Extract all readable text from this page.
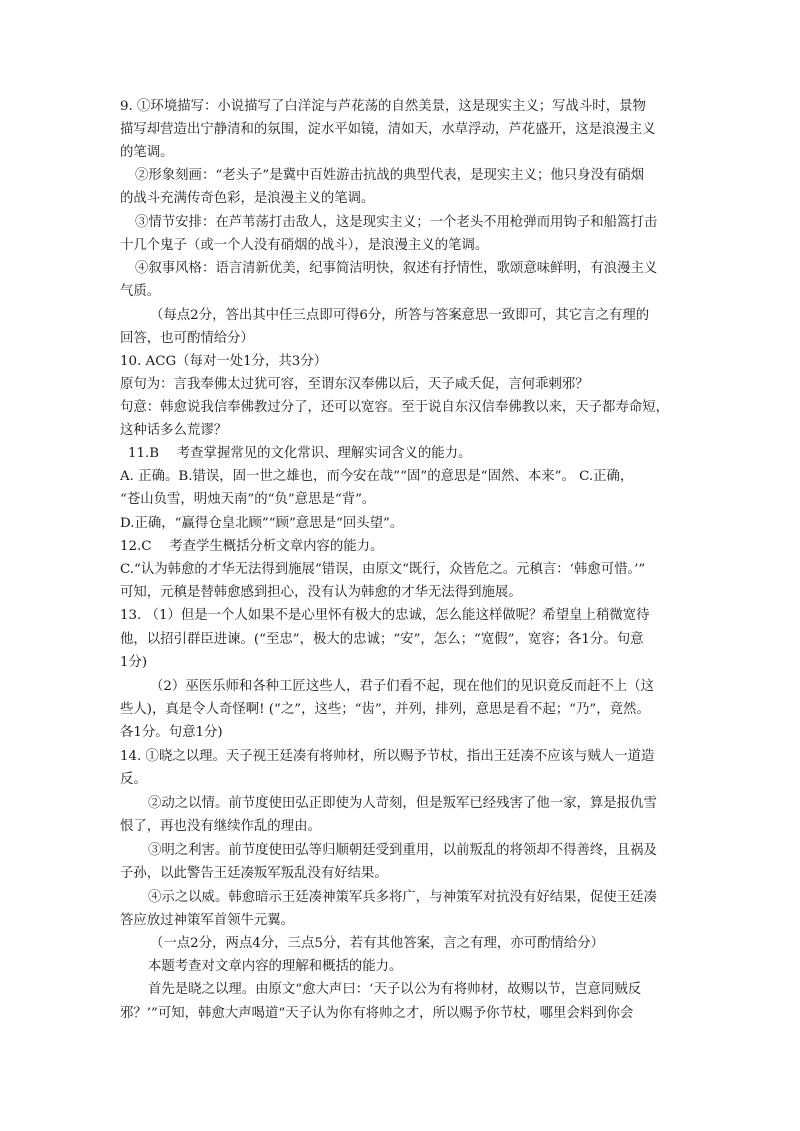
9. ①环境描写：小说描写了白洋淀与芦花荡的自然美景，这是现实主义；写战斗时，景物
描写却营造出宁静清和的氛围，淀水平如镜，清如天，水草浮动，芦花盛开，这是浪漫主义
的笔调。
②形象刻画：“老头子”是冀中百姓游击抗战的典型代表，是现实主义；他只身没有硝烟
的战斗充满传奇色彩，是浪漫主义的笔调。
③情节安排：在芦苇荡打击敌人，这是现实主义；一个老头不用枪弹而用钩子和船篙打击
十几个鬼子（或一个人没有硝烟的战斗），是浪漫主义的笔调。
④叙事风格：语言清新优美，纪事简洁明快，叙述有抒情性，歌颂意味鲜明，有浪漫主义
气质。
（每点2分，答出其中任三点即可得6分，所答与答案意思一致即可，其它言之有理的
回答，也可酌情给分）
10. ACG（每对一处1分，共3分）
原句为：言我奉佛太过犹可容，至谓东汉奉佛以后，天子咸夭促，言何乖剌邪？
句意：韩愈说我信奉佛教过分了，还可以宽容。至于说自东汉信奉佛教以来，天子都寿命短，
这种话多么荒谬？
11.B　 考查掌握常见的文化常识、理解实词含义的能力。
A. 正确。B.错误，固一世之雄也，而今安在哉”“固”的意思是“固然、本来”。 C.正确，
“苍山负雪，明烛天南”的“负”意思是“背”。
D.正确，“赢得仓皇北顾”“顾”意思是“回头望”。
12.C　 考查学生概括分析文章内容的能力。
C.“认为韩愈的才华无法得到施展”错误，由原文“既行，众皆危之。元稹言：‘韩愈可惜。’”
可知，元稹是替韩愈感到担心，没有认为韩愈的才华无法得到施展。
13. （1）但是一个人如果不是心里怀有极大的忠诚，怎么能这样做呢？希望皇上稍微宽待
他，以招引群臣进谏。(“至忠”，极大的忠诚；“安”，怎么；“宽假”，宽容；各1分。句意
1分)
（2）巫医乐师和各种工匠这些人，君子们看不起，现在他们的见识竟反而赶不上（这
些人)，真是令人奇怪啊! (“之”，这些；“齿”，并列，排列，意思是看不起；“乃”，竟然。
各1分。句意1分)
14. ①晓之以理。天子视王廷凑有将帅材，所以赐予节杖，指出王廷凑不应该与贼人一道造
反。
②动之以情。前节度使田弘正即使为人苛刻，但是叛军已经残害了他一家，算是报仇雪
恨了，再也没有继续作乱的理由。
③明之利害。前节度使田弘等归顺朝廷受到重用，以前叛乱的将领却不得善终，且祸及
子孙，以此警告王廷凑叛军叛乱没有好结果。
④示之以威。韩愈暗示王廷凑神策军兵多将广，与神策军对抗没有好结果，促使王廷凑
答应放过神策军首领牛元翼。
（一点2分，两点4分，三点5分，若有其他答案，言之有理，亦可酌情给分）
本题考查对文章内容的理解和概括的能力。
首先是晓之以理。由原文“愈大声曰：‘天子以公为有将帅材，故赐以节，岂意同贼反
邪？’”可知，韩愈大声喝道“天子认为你有将帅之才，所以赐予你节杖，哪里会料到你会
